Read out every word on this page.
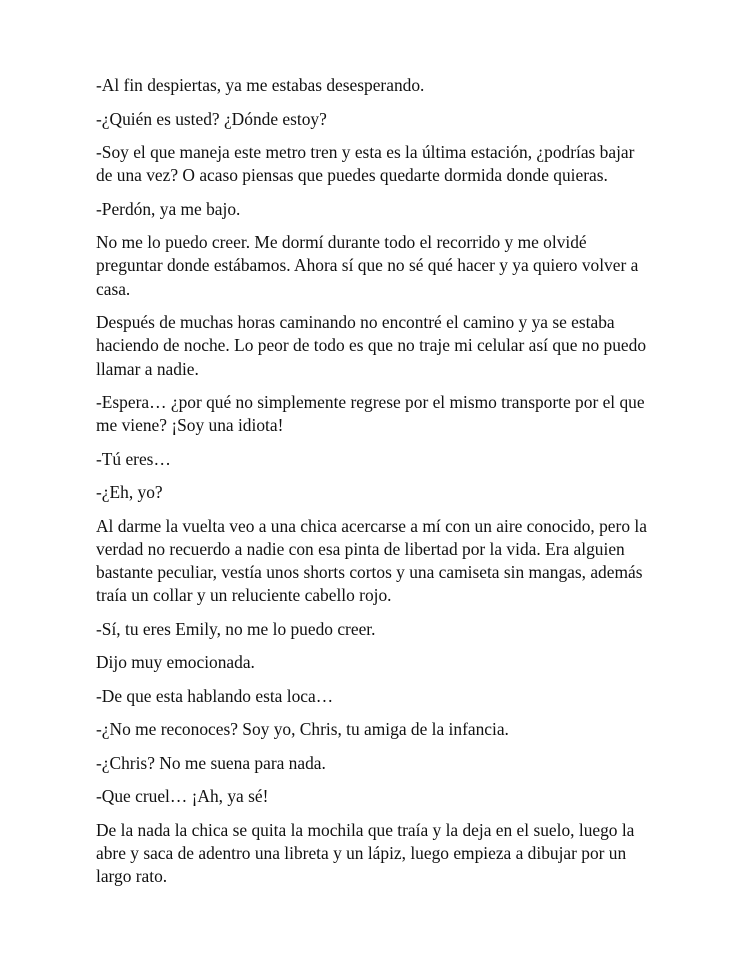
-Al fin despiertas, ya me estabas desesperando.

-¿Quién es usted? ¿Dónde estoy?

-Soy el que maneja este metro tren y esta es la última estación, ¿podrías bajar de una vez? O acaso piensas que puedes quedarte dormida donde quieras.

-Perdón, ya me bajo.

No me lo puedo creer. Me dormí durante todo el recorrido y me olvidé preguntar donde estábamos. Ahora sí que no sé qué hacer y ya quiero volver a casa.

Después de muchas horas caminando no encontré el camino y ya se estaba haciendo de noche. Lo peor de todo es que no traje mi celular así que no puedo llamar a nadie.

-Espera… ¿por qué no simplemente regrese por el mismo transporte por el que me viene? ¡Soy una idiota!

-Tú eres…

-¿Eh, yo?

Al darme la vuelta veo a una chica acercarse a mí con un aire conocido, pero la verdad no recuerdo a nadie con esa pinta de libertad por la vida. Era alguien bastante peculiar, vestía unos shorts cortos y una camiseta sin mangas, además traía un collar y un reluciente cabello rojo.

-Sí, tu eres Emily, no me lo puedo creer.

Dijo muy emocionada.

-De que esta hablando esta loca…

-¿No me reconoces? Soy yo, Chris, tu amiga de la infancia.

-¿Chris? No me suena para nada.

-Que cruel… ¡Ah, ya sé!

De la nada la chica se quita la mochila que traía y la deja en el suelo, luego la abre y saca de adentro una libreta y un lápiz, luego empieza a dibujar por un largo rato.
